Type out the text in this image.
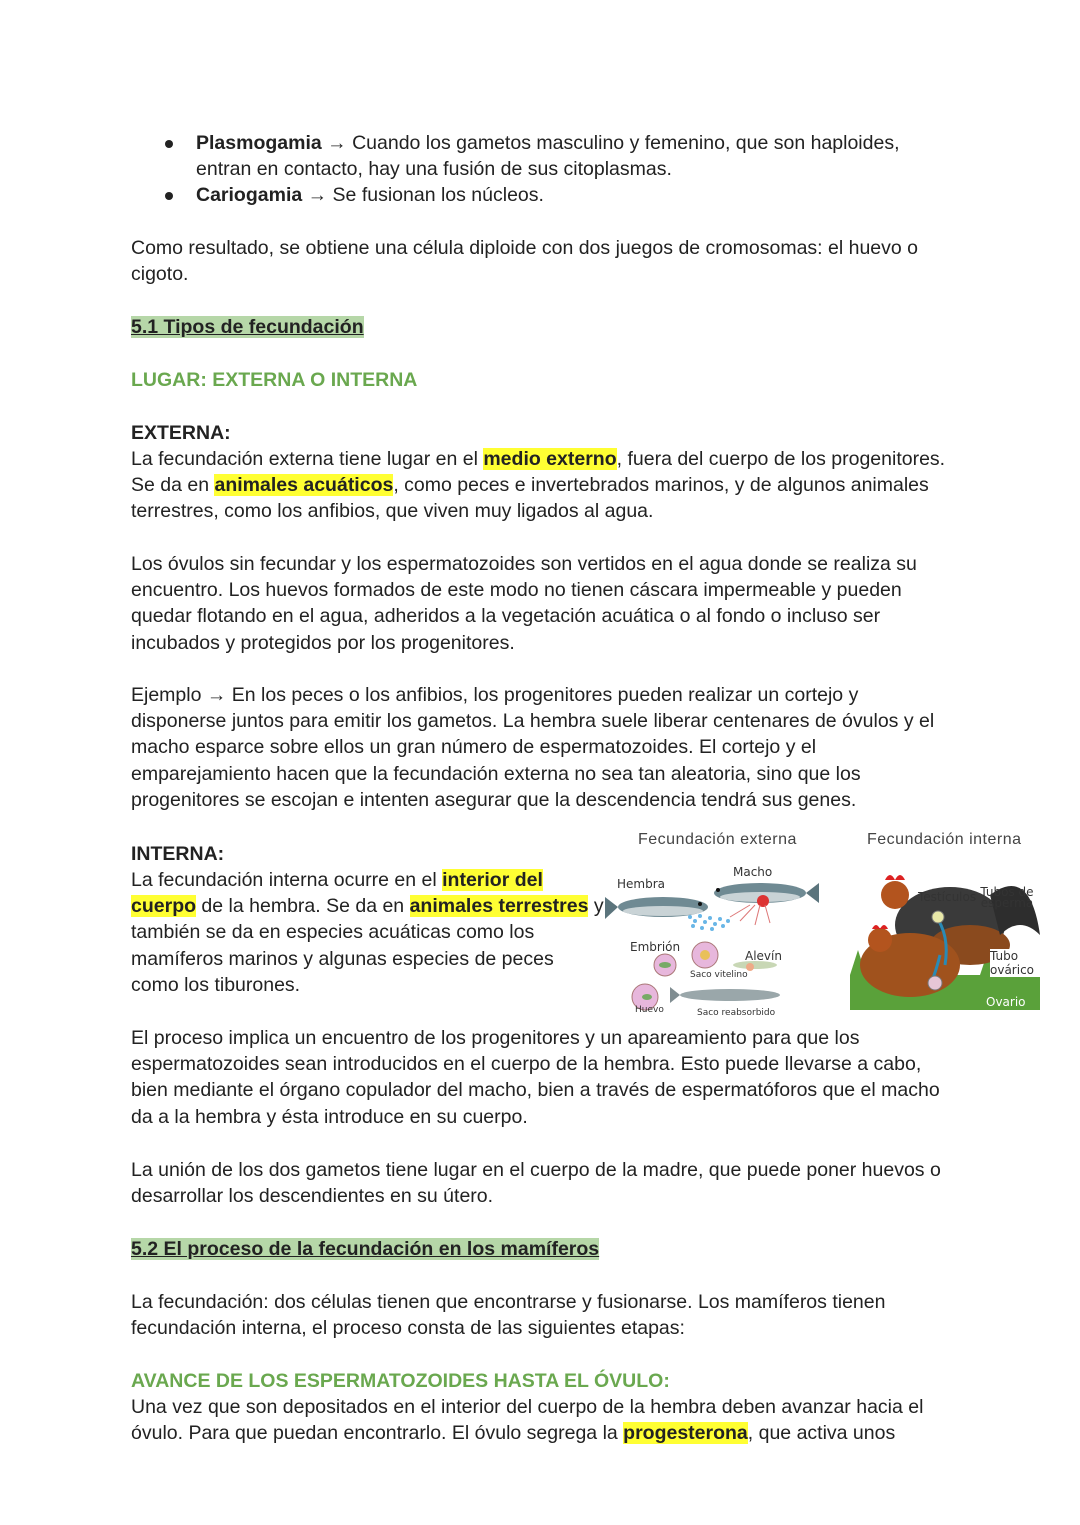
Plasmogamia → Cuando los gametos masculino y femenino, que son haploides, entran en contacto, hay una fusión de sus citoplasmas.
Cariogamia → Se fusionan los núcleos.

Como resultado, se obtiene una célula diploide con dos juegos de cromosomas: el huevo o cigoto.

5.1 Tipos de fecundación

LUGAR: EXTERNA O INTERNA

EXTERNA:

La fecundación externa tiene lugar en el medio externo, fuera del cuerpo de los progenitores. Se da en animales acuáticos, como peces e invertebrados marinos, y de algunos animales terrestres, como los anfibios, que viven muy ligados al agua.

Los óvulos sin fecundar y los espermatozoides son vertidos en el agua donde se realiza su encuentro. Los huevos formados de este modo no tienen cáscara impermeable y pueden quedar flotando en el agua, adheridos a la vegetación acuática o al fondo o incluso ser incubados y protegidos por los progenitores.

Ejemplo → En los peces o los anfibios, los progenitores pueden realizar un cortejo y disponerse juntos para emitir los gametos. La hembra suele liberar centenares de óvulos y el macho esparce sobre ellos un gran número de espermatozoides. El cortejo y el emparejamiento hacen que la fecundación externa no sea tan aleatoria, sino que los progenitores se escojan e intenten asegurar que la descendencia tendrá sus genes.

INTERNA:

La fecundación interna ocurre en el interior del cuerpo de la hembra. Se da en animales terrestres y también se da en especies acuáticas como los mamíferos marinos y algunas especies de peces como los tiburones.

El proceso implica un encuentro de los progenitores y un apareamiento para que los espermatozoides sean introducidos en el cuerpo de la hembra. Esto puede llevarse a cabo, bien mediante el órgano copulador del macho, bien a través de espermatóforos que el macho da a la hembra y ésta introduce en su cuerpo.

La unión de los dos gametos tiene lugar en el cuerpo de la madre, que puede poner huevos o desarrollar los descendientes en su útero.

5.2 El proceso de la fecundación en los mamíferos

La fecundación: dos células tienen que encontrarse y fusionarse. Los mamíferos tienen fecundación interna, el proceso consta de las siguientes etapas:

AVANCE DE LOS ESPERMATOZOIDES HASTA EL ÓVULO:

Una vez que son depositados en el interior del cuerpo de la hembra deben avanzar hacia el óvulo. Para que puedan encontrarlo. El óvulo segrega la progesterona, que activa unos

Fecundación externa
Hembra
Macho
Embrión
Alevín
Saco vitelino
Huevo	Saco reabsorbido
Fecundación interna
Testículos Tubos de esperma
Tubo ovárico
Ovario
